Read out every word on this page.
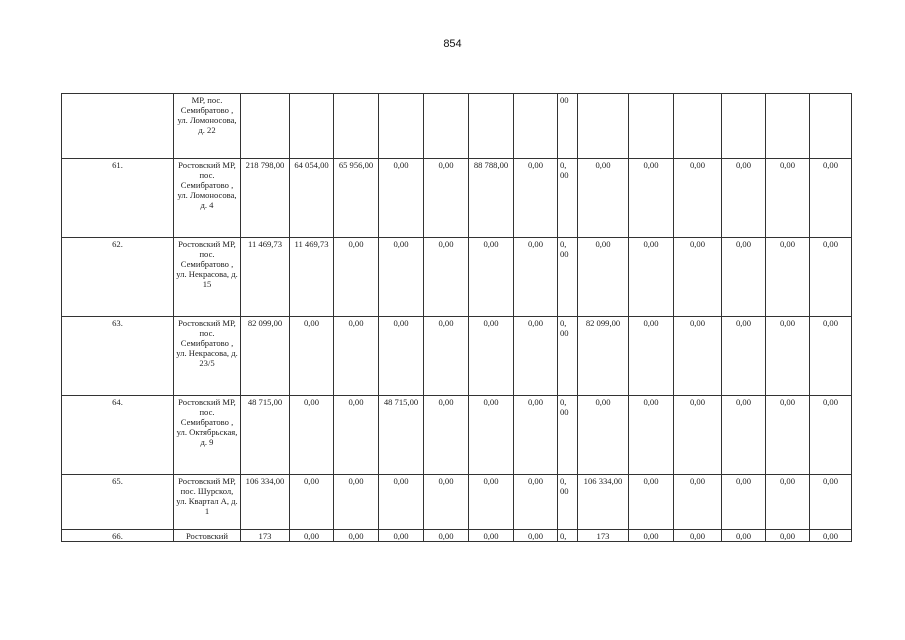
854
	МР, пос. Семибратово , ул. Ломоносова, д. 22								00						
61.	Ростовский МР, пос. Семибратово , ул. Ломоносова, д. 4	218 798,00	64 054,00	65 956,00	0,00	0,00	88 788,00	0,00	0, 00	0,00	0,00	0,00	0,00	0,00	0,00
62.	Ростовский МР, пос. Семибратово , ул. Некрасова, д. 15	11 469,73	11 469,73	0,00	0,00	0,00	0,00	0,00	0, 00	0,00	0,00	0,00	0,00	0,00	0,00
63.	Ростовский МР, пос. Семибратово , ул. Некрасова, д. 23/5	82 099,00	0,00	0,00	0,00	0,00	0,00	0,00	0, 00	82 099,00	0,00	0,00	0,00	0,00	0,00
64.	Ростовский МР, пос. Семибратово , ул. Октябрьская, д. 9	48 715,00	0,00	0,00	48 715,00	0,00	0,00	0,00	0, 00	0,00	0,00	0,00	0,00	0,00	0,00
65.	Ростовский МР, пос. Шурскол, ул. Квартал А, д. 1	106 334,00	0,00	0,00	0,00	0,00	0,00	0,00	0, 00	106 334,00	0,00	0,00	0,00	0,00	0,00
66.	Ростовский	173	0,00	0,00	0,00	0,00	0,00	0,00	0,	173	0,00	0,00	0,00	0,00	0,00
